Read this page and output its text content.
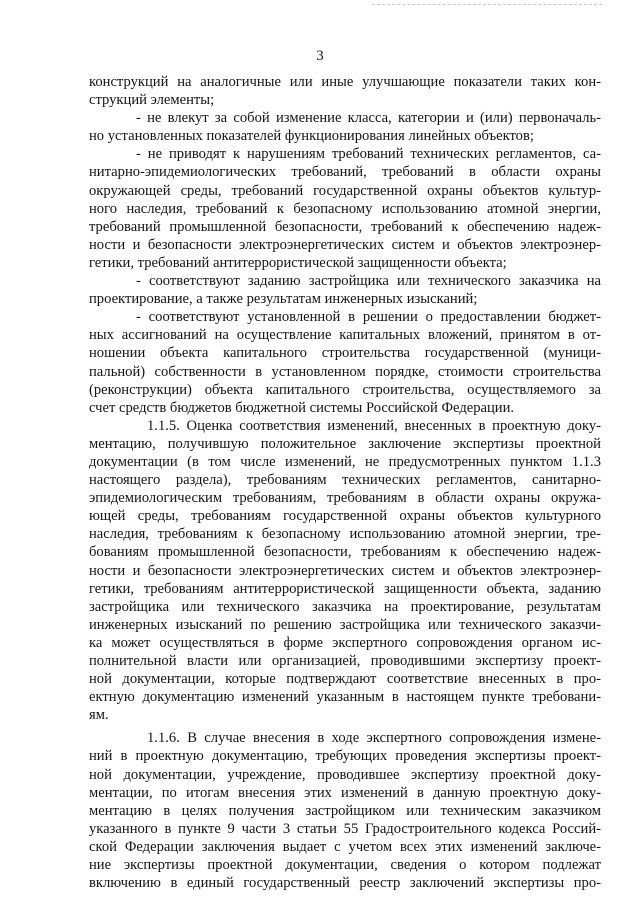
3
конструкций на аналогичные или иные улучшающие показатели таких кон-
струкций элементы;
- не влекут за собой изменение класса, категории и (или) первоначаль-
но установленных показателей функционирования линейных объектов;
- не приводят к нарушениям требований технических регламентов, са-
нитарно-эпидемиологических требований, требований в области охраны
окружающей среды, требований государственной охраны объектов культур-
ного наследия, требований к безопасному использованию атомной энергии,
требований промышленной безопасности, требований к обеспечению надеж-
ности и безопасности электроэнергетических систем и объектов электроэнер-
гетики, требований антитеррористической защищенности объекта;
- соответствуют заданию застройщика или технического заказчика на
проектирование, а также результатам инженерных изысканий;
- соответствуют установленной в решении о предоставлении бюджет-
ных ассигнований на осуществление капитальных вложений, принятом в от-
ношении объекта капитального строительства государственной (муници-
пальной) собственности в установленном порядке, стоимости строительства
(реконструкции) объекта капитального строительства, осуществляемого за
счет средств бюджетов бюджетной системы Российской Федерации.
1.1.5. Оценка соответствия изменений, внесенных в проектную доку-
ментацию, получившую положительное заключение экспертизы проектной
документации (в том числе изменений, не предусмотренных пунктом 1.1.3
настоящего раздела), требованиям технических регламентов, санитарно-
эпидемиологическим требованиям, требованиям в области охраны окружа-
ющей среды, требованиям государственной охраны объектов культурного
наследия, требованиям к безопасному использованию атомной энергии, тре-
бованиям промышленной безопасности, требованиям к обеспечению надеж-
ности и безопасности электроэнергетических систем и объектов электроэнер-
гетики, требованиям антитеррористической защищенности объекта, заданию
застройщика или технического заказчика на проектирование, результатам
инженерных изысканий по решению застройщика или технического заказчи-
ка может осуществляться в форме экспертного сопровождения органом ис-
полнительной власти или организацией, проводившими экспертизу проект-
ной документации, которые подтверждают соответствие внесенных в про-
ектную документацию изменений указанным в настоящем пункте требовани-
ям.
1.1.6. В случае внесения в ходе экспертного сопровождения измене-
ний в проектную документацию, требующих проведения экспертизы проект-
ной документации, учреждение, проводившее экспертизу проектной доку-
ментации, по итогам внесения этих изменений в данную проектную доку-
ментацию в целях получения застройщиком или техническим заказчиком
указанного в пункте 9 части 3 статьи 55 Градостроительного кодекса Россий-
ской Федерации заключения выдает с учетом всех этих изменений заключе-
ние экспертизы проектной документации, сведения о котором подлежат
включению в единый государственный реестр заключений экспертизы про-
